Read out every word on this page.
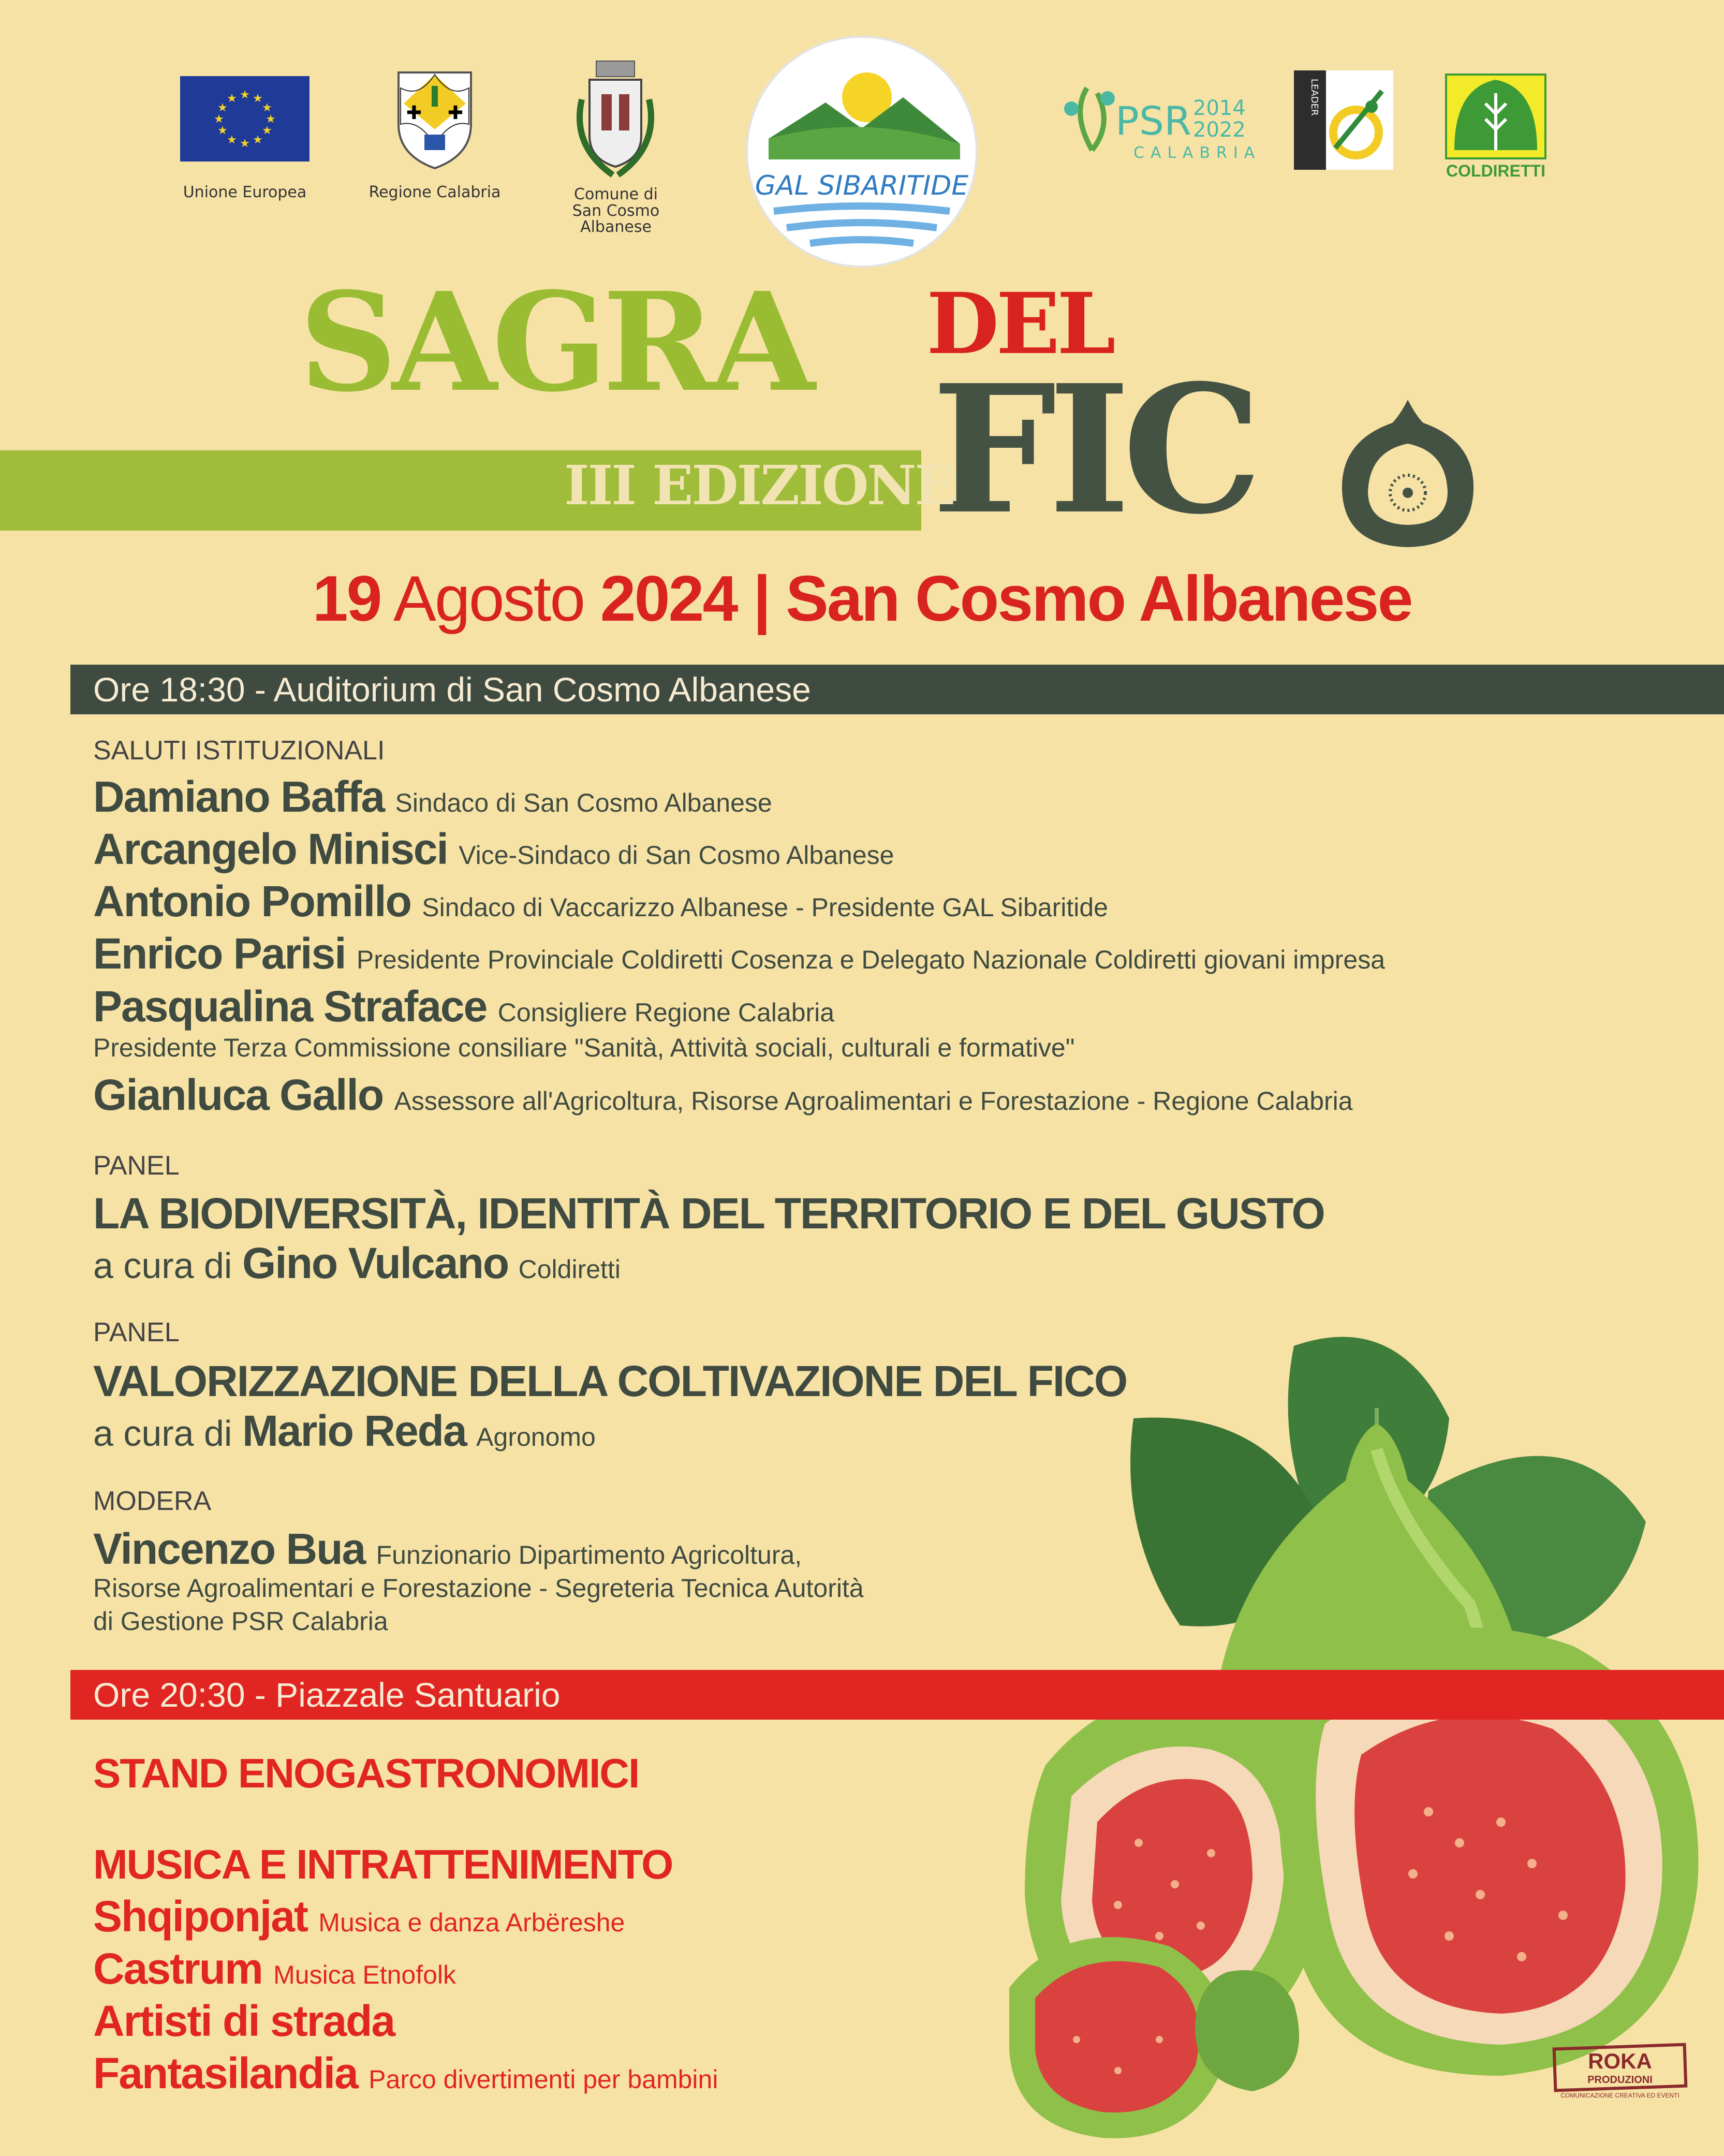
★ ★
★
★
★
★
★
★
★
★
★
★
Unione Europea
✚ ✚
Regione Calabria	Comune di
San Cosmo
Albanese
GAL SIBARITIDE
PSR 2014
2022
CALABRIA
LEADER
COLDIRETTI
SAGRA DEL
FIC
III EDIZIONE
19 Agosto 2024 | San Cosmo Albanese
Ore 18:30 - Auditorium di San Cosmo Albanese
SALUTI ISTITUZIONALI
Damiano Baffa Sindaco di San Cosmo Albanese
Arcangelo Minisci Vice-Sindaco di San Cosmo Albanese
Antonio Pomillo Sindaco di Vaccarizzo Albanese - Presidente GAL Sibaritide
Enrico Parisi Presidente Provinciale Coldiretti Cosenza e Delegato Nazionale Coldiretti giovani impresa
Pasqualina Straface Consigliere Regione Calabria
Presidente Terza Commissione consiliare "Sanità, Attività sociali, culturali e formative"
Gianluca Gallo Assessore all'Agricoltura, Risorse Agroalimentari e Forestazione - Regione Calabria
PANEL
LA BIODIVERSITÀ, IDENTITÀ DEL TERRITORIO E DEL GUSTO
a cura di Gino Vulcano Coldiretti
PANEL
VALORIZZAZIONE DELLA COLTIVAZIONE DEL FICO
a cura di Mario Reda Agronomo
MODERA
Vincenzo Bua Funzionario Dipartimento Agricoltura,
Risorse Agroalimentari e Forestazione - Segreteria Tecnica Autorità
di Gestione PSR Calabria
Ore 20:30 - Piazzale Santuario
STAND ENOGASTRONOMICI
MUSICA E INTRATTENIMENTO
Shqiponjat Musica e danza Arbëreshe
Castrum Musica Etnofolk
Artisti di strada
Fantasilandia Parco divertimenti per bambini
ROKA
PRODUZIONI
COMUNICAZIONE CREATIVA ED EVENTI
